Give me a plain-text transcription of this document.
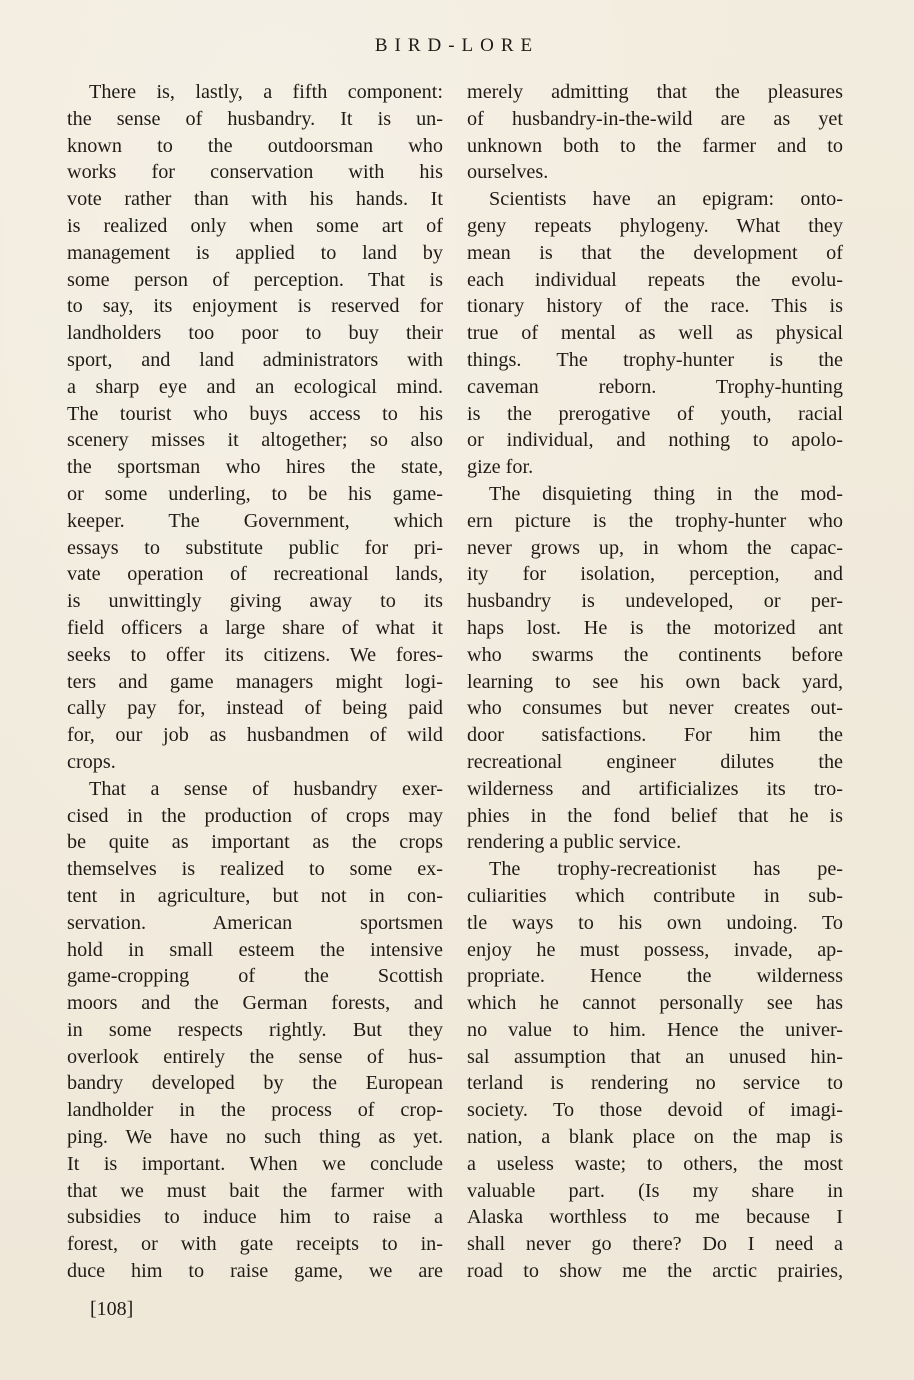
BIRD-LORE
There is, lastly, a fifth component:
the sense of husbandry. It is un-
known to the outdoorsman who
works for conservation with his
vote rather than with his hands. It
is realized only when some art of
management is applied to land by
some person of perception. That is
to say, its enjoyment is reserved for
landholders too poor to buy their
sport, and land administrators with
a sharp eye and an ecological mind.
The tourist who buys access to his
scenery misses it altogether; so also
the sportsman who hires the state,
or some underling, to be his game-
keeper. The Government, which
essays to substitute public for pri-
vate operation of recreational lands,
is unwittingly giving away to its
field officers a large share of what it
seeks to offer its citizens. We fores-
ters and game managers might logi-
cally pay for, instead of being paid
for, our job as husbandmen of wild
crops.
That a sense of husbandry exer-
cised in the production of crops may
be quite as important as the crops
themselves is realized to some ex-
tent in agriculture, but not in con-
servation. American sportsmen
hold in small esteem the intensive
game-cropping of the Scottish
moors and the German forests, and
in some respects rightly. But they
overlook entirely the sense of hus-
bandry developed by the European
landholder in the process of crop-
ping. We have no such thing as yet.
It is important. When we conclude
that we must bait the farmer with
subsidies to induce him to raise a
forest, or with gate receipts to in-
duce him to raise game, we are
merely admitting that the pleasures
of husbandry-in-the-wild are as yet
unknown both to the farmer and to
ourselves.
Scientists have an epigram: onto-
geny repeats phylogeny. What they
mean is that the development of
each individual repeats the evolu-
tionary history of the race. This is
true of mental as well as physical
things. The trophy-hunter is the
caveman reborn. Trophy-hunting
is the prerogative of youth, racial
or individual, and nothing to apolo-
gize for.
The disquieting thing in the mod-
ern picture is the trophy-hunter who
never grows up, in whom the capac-
ity for isolation, perception, and
husbandry is undeveloped, or per-
haps lost. He is the motorized ant
who swarms the continents before
learning to see his own back yard,
who consumes but never creates out-
door satisfactions. For him the
recreational engineer dilutes the
wilderness and artificializes its tro-
phies in the fond belief that he is
rendering a public service.
The trophy-recreationist has pe-
culiarities which contribute in sub-
tle ways to his own undoing. To
enjoy he must possess, invade, ap-
propriate. Hence the wilderness
which he cannot personally see has
no value to him. Hence the univer-
sal assumption that an unused hin-
terland is rendering no service to
society. To those devoid of imagi-
nation, a blank place on the map is
a useless waste; to others, the most
valuable part. (Is my share in
Alaska worthless to me because I
shall never go there? Do I need a
road to show me the arctic prairies,
[108]
